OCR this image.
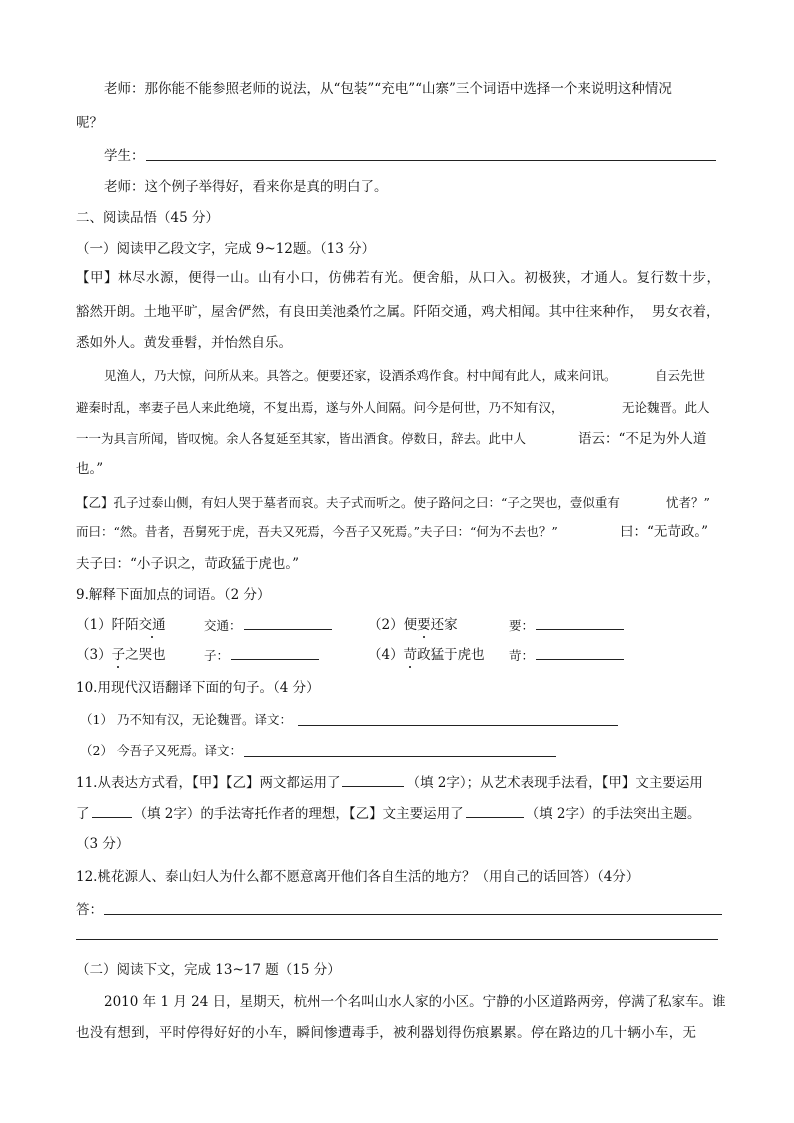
老师：那你能不能参照老师的说法，从“包装”“充电”“山寨”三个词语中选择一个来说明这种情况
呢？
学生：
老师：这个例子举得好，看来你是真的明白了。
二、阅读品悟（45 分）
（一）阅读甲乙段文字，完成 9~12题。（13 分）
【甲】林尽水源，便得一山。山有小口，仿佛若有光。便舍船，从口入。初极狭，才通人。复行数十步，
豁然开朗。土地平旷，屋舍俨然，有良田美池桑竹之属。阡陌交通，鸡犬相闻。其中往来种作， 男女衣着，
悉如外人。黄发垂髫，并怡然自乐。
见渔人，乃大惊，问所从来。具答之。便要还家，设酒杀鸡作食。村中闻有此人，咸来问讯。	自云先世
避秦时乱，率妻子邑人来此绝境，不复出焉，遂与外人间隔。问今是何世，乃不知有汉，	无论魏晋。此人
一一为具言所闻，皆叹惋。余人各复延至其家，皆出酒食。停数日，辞去。此中人	语云：“不足为外人道
也。”
【乙】孔子过泰山侧，有妇人哭于墓者而哀。夫子式而听之。使子路问之曰：“子之哭也，壹似重有	忧者？”
而曰：“然。昔者，吾舅死于虎，吾夫又死焉，今吾子又死焉。”夫子曰：“何为不去也？”	曰：“无苛政。”
夫子曰：“小子识之，苛政猛于虎也。”
9.解释下面加点的词语。（2 分）
（1）阡陌交通	交通：	（2）便要还家	要：
（3）子之哭也	子：	（4）苛政猛于虎也 苛：
10.用现代汉语翻译下面的句子。（4 分）
（1） 乃不知有汉，无论魏晋。译文：
（2） 今吾子又死焉。译文：
11.从表达方式看，【甲】【乙】两文都运用了	（填 2字）；从艺术表现手法看，【甲】文主要运用
了	（填 2字）的手法寄托作者的理想，【乙】文主要运用了	（填 2字）的手法突出主题。
（3 分）
12.桃花源人、泰山妇人为什么都不愿意离开他们各自生活的地方？（用自己的话回答）（4分）
答：
（二）阅读下文，完成 13~17 题（15 分）
2010 年 1 月 24 日，星期天，杭州一个名叫山水人家的小区。宁静的小区道路两旁，停满了私家车。谁
也没有想到，平时停得好好的小车，瞬间惨遭毒手，被利器划得伤痕累累。停在路边的几十辆小车，无
